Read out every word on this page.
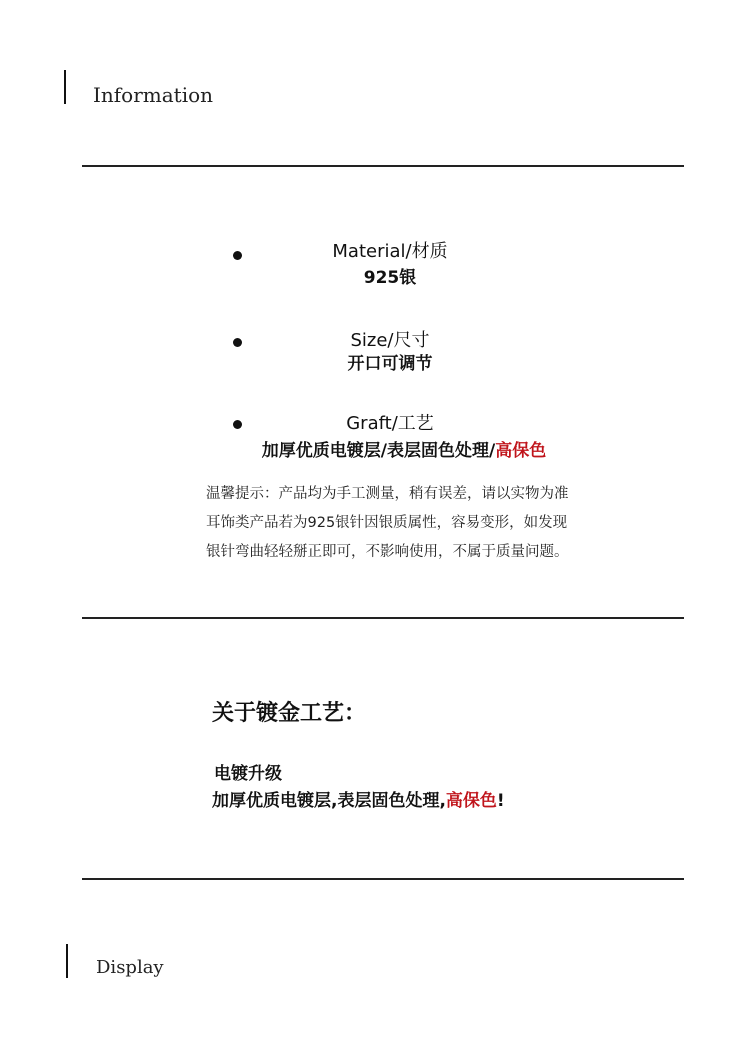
Information
Material/材质
925银
Size/尺寸
开口可调节
Graft/工艺
加厚优质电镀层/表层固色处理/高保色
温馨提示：产品均为手工测量，稍有误差，请以实物为准
耳饰类产品若为925银针因银质属性，容易变形，如发现
银针弯曲轻轻掰正即可，不影响使用，不属于质量问题。
关于镀金工艺：
电镀升级
加厚优质电镀层,表层固色处理,高保色!
Display
